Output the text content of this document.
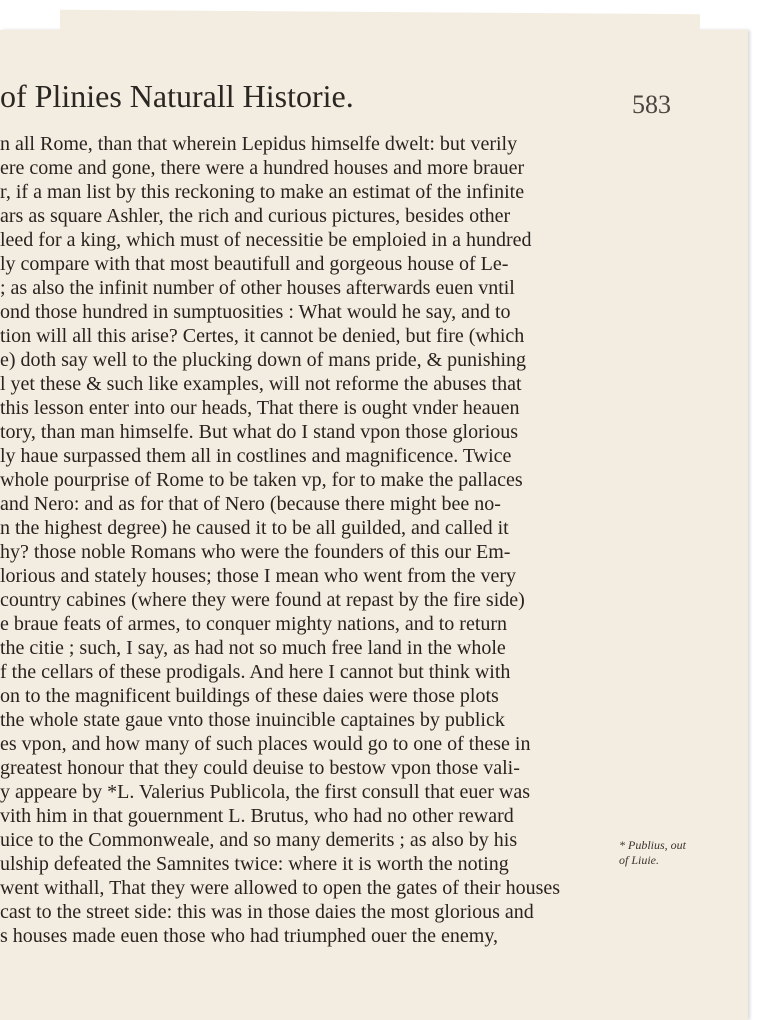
of Plinies Naturall Historie.	583
n all Rome, than that wherein Lepidus himselfe dwelt: but verily
ere come and gone, there were a hundred houses and more brauer
r, if a man list by this reckoning to make an estimat of the infinite
ars as square Ashler, the rich and curious pictures, besides other
leed for a king, which must of necessitie be emploied in a hundred
ly compare with that most beautifull and gorgeous house of Le-
; as also the infinit number of other houses afterwards euen vntil
ond those hundred in sumptuosities : What would he say, and to
tion will all this arise? Certes, it cannot be denied, but fire (which
e) doth say well to the plucking down of mans pride, & punishing
l yet these & such like examples, will not reforme the abuses that
this lesson enter into our heads, That there is ought vnder heauen
tory, than man himselfe. But what do I stand vpon those glorious
ly haue surpassed them all in costlines and magnificence. Twice
whole pourprise of Rome to be taken vp, for to make the pallaces
and Nero: and as for that of Nero (because there might bee no-
n the highest degree) he caused it to be all guilded, and called it
hy? those noble Romans who were the founders of this our Em-
lorious and stately houses; those I mean who went from the very
country cabines (where they were found at repast by the fire side)
e braue feats of armes, to conquer mighty nations, and to return
the citie ; such, I say, as had not so much free land in the whole
f the cellars of these prodigals. And here I cannot but think with
on to the magnificent buildings of these daies were those plots
the whole state gaue vnto those inuincible captaines by publick
es vpon, and how many of such places would go to one of these in
greatest honour that they could deuise to bestow vpon those vali-
y appeare by *L. Valerius Publicola, the first consull that euer was
vith him in that gouernment L. Brutus, who had no other reward
uice to the Commonweale, and so many demerits ; as also by his
ulship defeated the Samnites twice: where it is worth the noting
went withall, That they were allowed to open the gates of their houses
cast to the street side: this was in those daies the most glorious and
s houses made euen those who had triumphed ouer the enemy,
* Publius, out
of Liuie.
